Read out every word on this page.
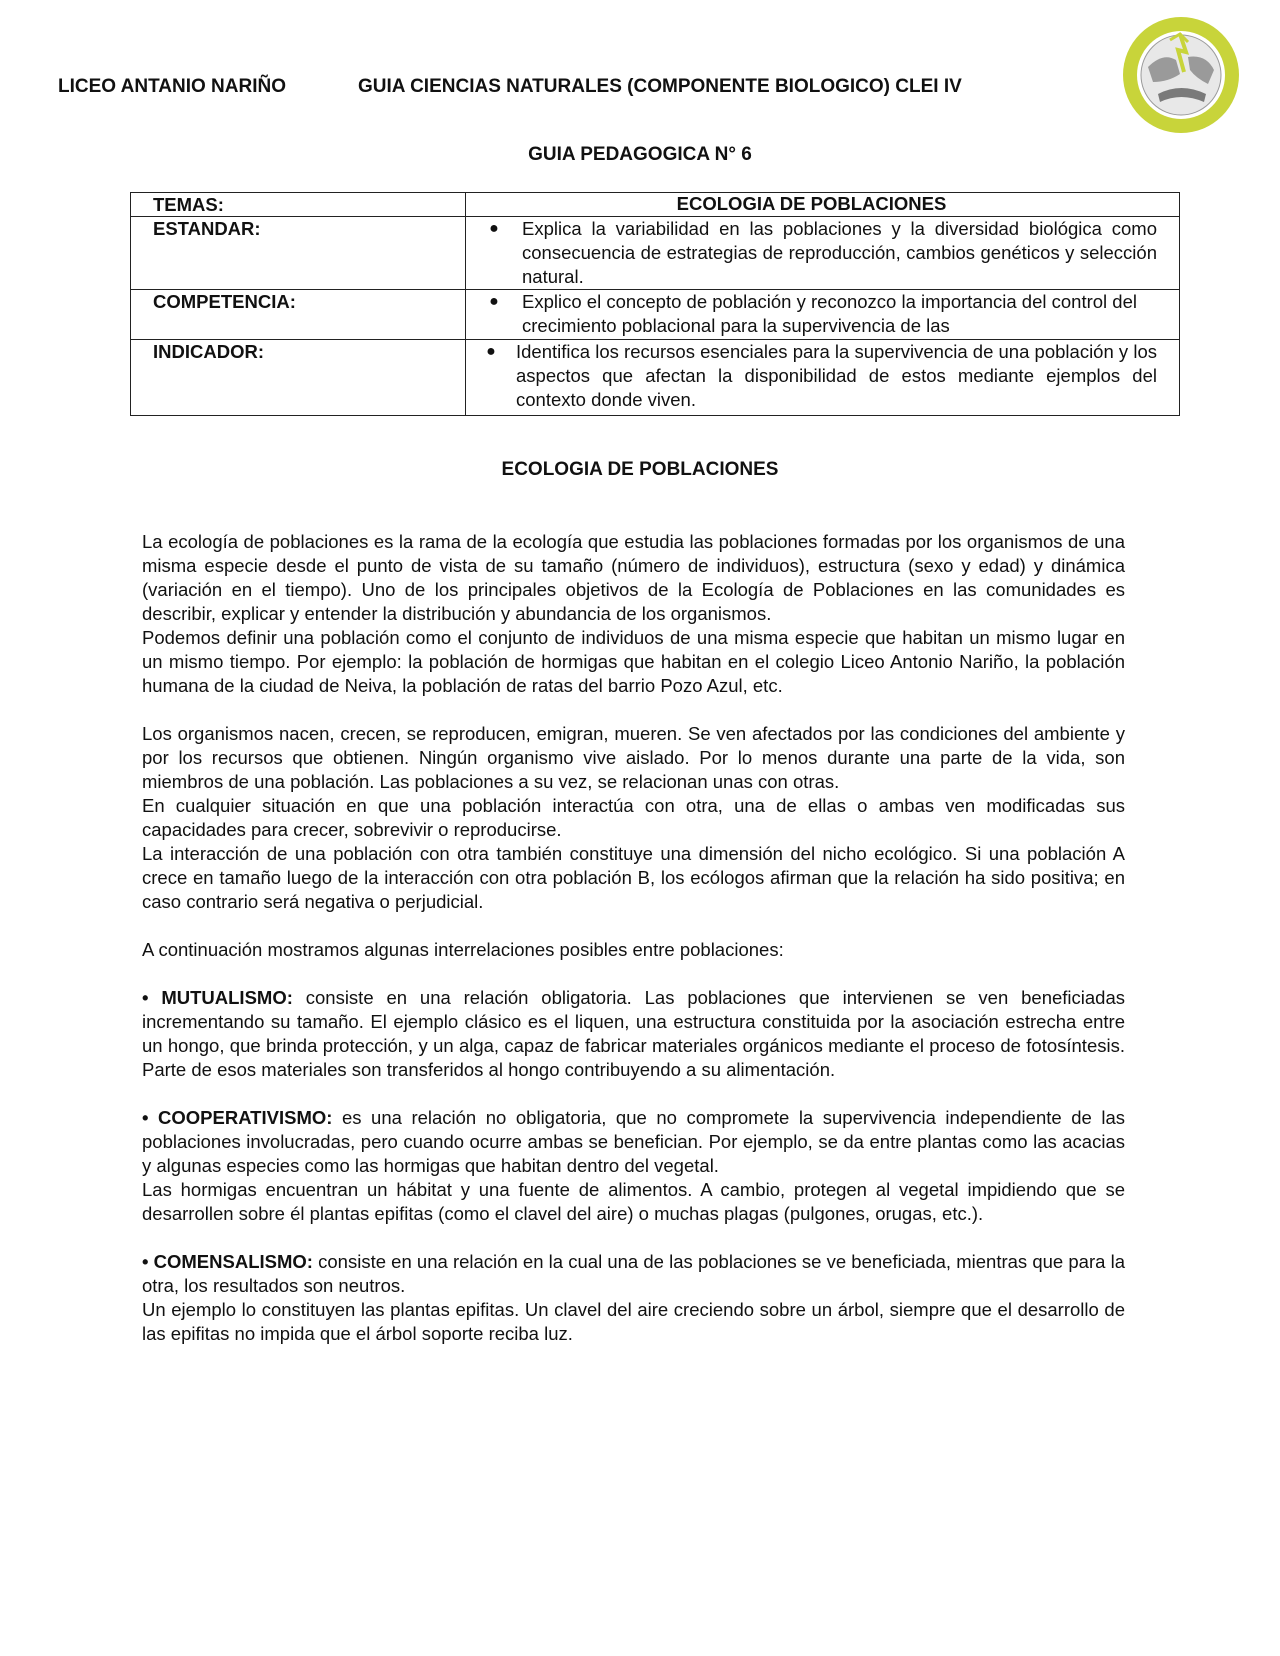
LICEO ANTANIO NARIÑO	GUIA CIENCIAS NATURALES (COMPONENTE BIOLOGICO) CLEI IV
GUIA PEDAGOGICA N° 6
TEMAS:	ECOLOGIA DE POBLACIONES
ESTANDAR:	● Explica la variabilidad en las poblaciones y la diversidad biológica como consecuencia de estrategias de reproducción, cambios genéticos y selección natural.

COMPETENCIA:	● Explico el concepto de población y reconozco la importancia del control del crecimiento poblacional para la supervivencia de las

INDICADOR:	● Identifica los recursos esenciales para la supervivencia de una población y los aspectos que afectan la disponibilidad de estos mediante ejemplos del contexto donde viven.
ECOLOGIA DE POBLACIONES

La ecología de poblaciones es la rama de la ecología que estudia las poblaciones formadas por los organismos de una misma especie desde el punto de vista de su tamaño (número de individuos), estructura (sexo y edad) y dinámica (variación en el tiempo). Uno de los principales objetivos de la Ecología de Poblaciones en las comunidades es describir, explicar y entender la distribución y abundancia de los organismos.

Podemos definir una población como el conjunto de individuos de una misma especie que habitan un mismo lugar en un mismo tiempo. Por ejemplo: la población de hormigas que habitan en el colegio Liceo Antonio Nariño, la población humana de la ciudad de Neiva, la población de ratas del barrio Pozo Azul, etc.

Los organismos nacen, crecen, se reproducen, emigran, mueren. Se ven afectados por las condiciones del ambiente y por los recursos que obtienen. Ningún organismo vive aislado. Por lo menos durante una parte de la vida, son miembros de una población. Las poblaciones a su vez, se relacionan unas con otras.

En cualquier situación en que una población interactúa con otra, una de ellas o ambas ven modificadas sus capacidades para crecer, sobrevivir o reproducirse.

La interacción de una población con otra también constituye una dimensión del nicho ecológico. Si una población A crece en tamaño luego de la interacción con otra población B, los ecólogos afirman que la relación ha sido positiva; en caso contrario será negativa o perjudicial.

A continuación mostramos algunas interrelaciones posibles entre poblaciones:

• MUTUALISMO: consiste en una relación obligatoria. Las poblaciones que intervienen se ven beneficiadas incrementando su tamaño. El ejemplo clásico es el liquen, una estructura constituida por la asociación estrecha entre un hongo, que brinda protección, y un alga, capaz de fabricar materiales orgánicos mediante el proceso de fotosíntesis. Parte de esos materiales son transferidos al hongo contribuyendo a su alimentación.

• COOPERATIVISMO: es una relación no obligatoria, que no compromete la supervivencia independiente de las poblaciones involucradas, pero cuando ocurre ambas se benefician. Por ejemplo, se da entre plantas como las acacias y algunas especies como las hormigas que habitan dentro del vegetal.

Las hormigas encuentran un hábitat y una fuente de alimentos. A cambio, protegen al vegetal impidiendo que se desarrollen sobre él plantas epifitas (como el clavel del aire) o muchas plagas (pulgones, orugas, etc.).

• COMENSALISMO: consiste en una relación en la cual una de las poblaciones se ve beneficiada, mientras que para la otra, los resultados son neutros.

Un ejemplo lo constituyen las plantas epifitas. Un clavel del aire creciendo sobre un árbol, siempre que el desarrollo de las epifitas no impida que el árbol soporte reciba luz.
